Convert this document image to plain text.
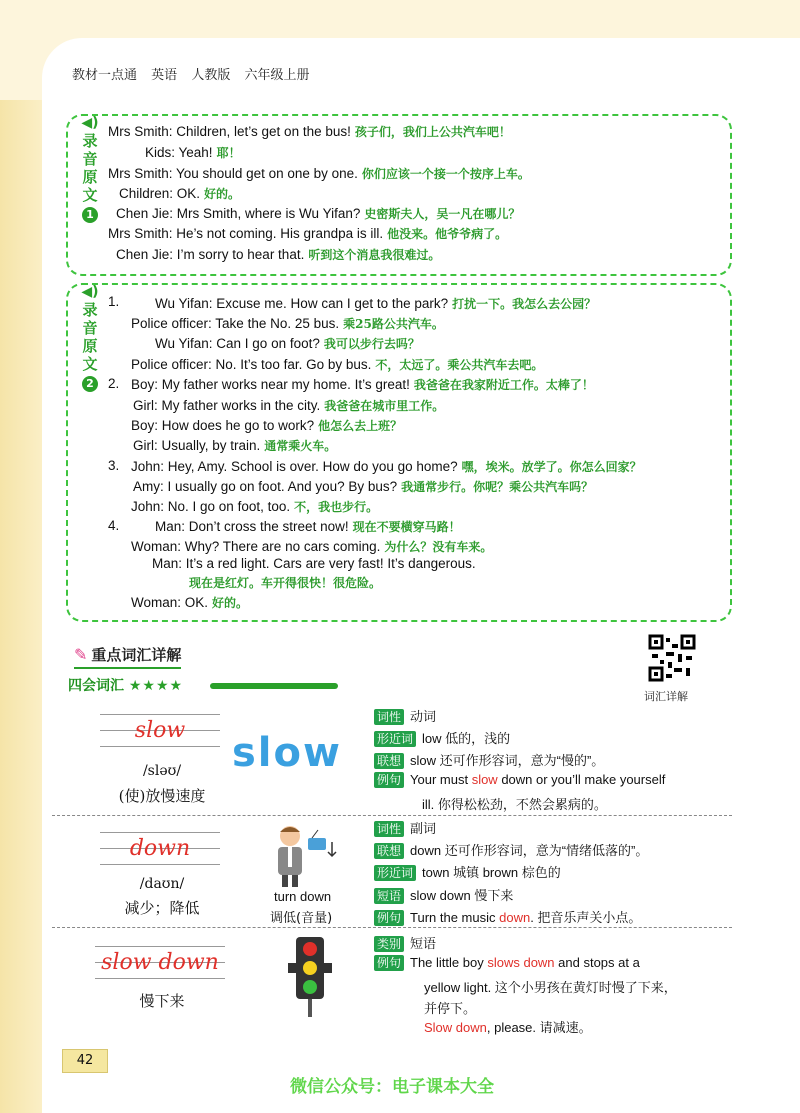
教材一点通 英语 人教版 六年级上册
◀)
录
音
原
文
1
Mrs Smith: Children, let’s get on the bus! 孩子们，我们上公共汽车吧！
Kids: Yeah! 耶！
Mrs Smith: You should get on one by one. 你们应该一个接一个按序上车。
Children: OK. 好的。
Chen Jie: Mrs Smith, where is Wu Yifan? 史密斯夫人，吴一凡在哪儿？
Mrs Smith: He’s not coming. His grandpa is ill. 他没来。他爷爷病了。
Chen Jie: I’m sorry to hear that. 听到这个消息我很难过。
◀)
录
音
原
文
2
1.
2.
3.
4.
Wu Yifan: Excuse me. How can I get to the park? 打扰一下。我怎么去公园？
Police officer: Take the No. 25 bus. 乘25路公共汽车。
Wu Yifan: Can I go on foot? 我可以步行去吗？
Police officer: No. It’s too far. Go by bus. 不，太远了。乘公共汽车去吧。
Boy: My father works near my home. It’s great! 我爸爸在我家附近工作。太棒了！
Girl: My father works in the city. 我爸爸在城市里工作。
Boy: How does he go to work? 他怎么去上班？
Girl: Usually, by train. 通常乘火车。
John: Hey, Amy. School is over. How do you go home? 嘿，埃米。放学了。你怎么回家？
Amy: I usually go on foot. And you? By bus? 我通常步行。你呢？乘公共汽车吗？
John: No. I go on foot, too. 不，我也步行。
Man: Don’t cross the street now! 现在不要横穿马路！
Woman: Why? There are no cars coming. 为什么？没有车来。
Man: It’s a red light. Cars are very fast! It’s dangerous.
现在是红灯。车开得很快！很危险。
Woman: OK. 好的。
✎ 重点词汇详解
四会词汇 ★★★★
词汇详解
slow
/sləʊ/
(使)放慢速度
slow
词性 动词
形近词 low 低的，浅的
联想 slow 还可作形容词，意为“慢的”。
例句 Your must slow down or you’ll make yourself
ill. 你得松松劲，不然会累病的。
down
/daʊn/
减少；降低
turn down
调低(音量)
词性 副词
联想 down 还可作形容词，意为“情绪低落的”。
形近词 town 城镇 brown 棕色的
短语 slow down 慢下来
例句 Turn the music down. 把音乐声关小点。
slow down
慢下来
类别 短语
例句 The little boy slows down and stops at a
yellow light. 这个小男孩在黄灯时慢了下来，
并停下。
Slow down, please. 请减速。
42
微信公众号：电子课本大全
